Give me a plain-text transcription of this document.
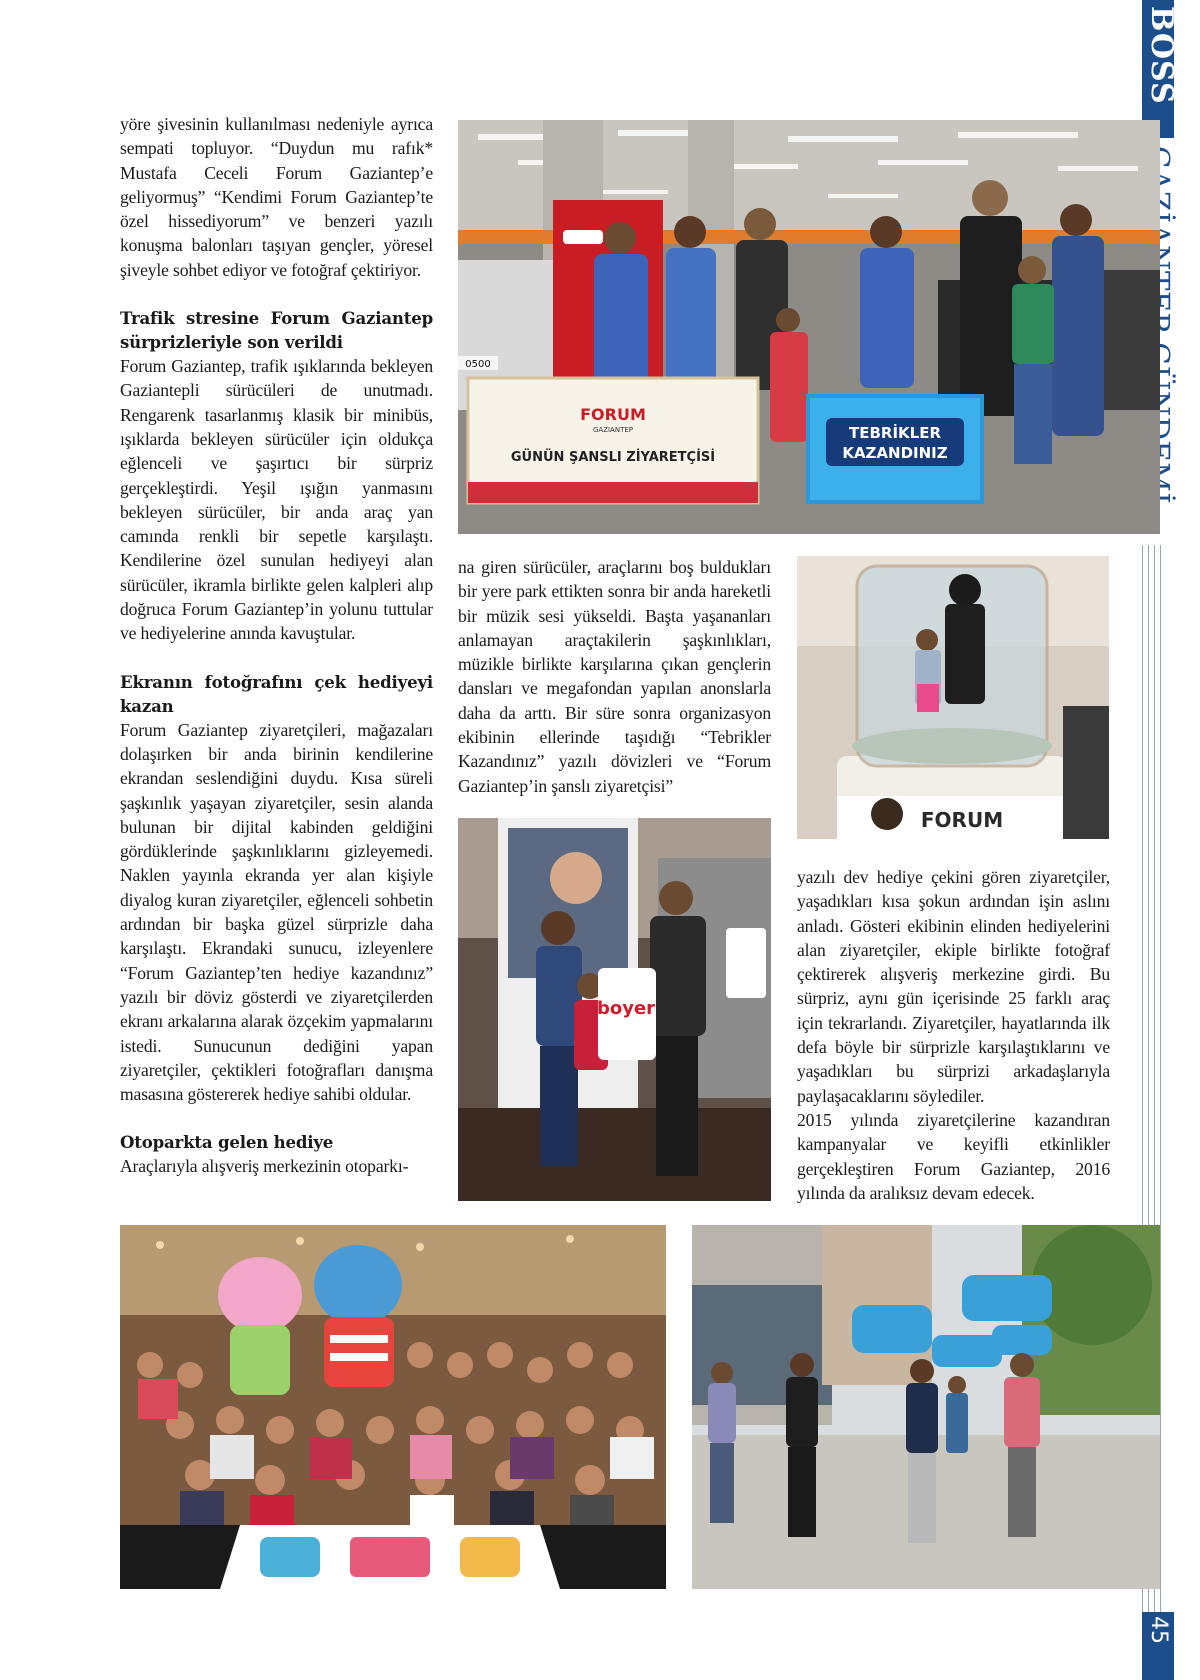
BOSS
45

yöre şivesinin kullanılması nedeniyle ayrıca sempati topluyor. “Duydun mu rafık* Mustafa Ceceli Forum Gaziantep’e geliyormuş” “Kendimi Forum Gaziantep’te özel hissediyorum” ve benzeri yazılı konuşma balonları taşıyan gençler, yöresel şiveyle sohbet ediyor ve fotoğraf çektiriyor.

Trafik stresine Forum Gaziantep sürprizleriyle son verildi

Forum Gaziantep, trafik ışıklarında bekleyen Gaziantepli sürücüleri de unutmadı. Rengarenk tasarlanmış klasik bir minibüs, ışıklarda bekleyen sürücüler için oldukça eğlenceli ve şaşırtıcı bir sürpriz gerçekleştirdi. Yeşil ışığın yanmasını bekleyen sürücüler, bir anda araç yan camında renkli bir sepetle karşılaştı. Kendilerine özel sunulan hediyeyi alan sürücüler, ikramla birlikte gelen kalpleri alıp doğruca Forum Gaziantep’in yolunu tuttular ve hediyelerine anında kavuştular.

Ekranın fotoğrafını çek hediyeyi kazan

Forum Gaziantep ziyaretçileri, mağazaları dolaşırken bir anda birinin kendilerine ekrandan seslendiğini duydu. Kısa süreli şaşkınlık yaşayan ziyaretçiler, sesin alanda bulunan bir dijital kabinden geldiğini gördüklerinde şaşkınlıklarını gizleyemedi. Naklen yayınla ekranda yer alan kişiyle diyalog kuran ziyaretçiler, eğlenceli sohbetin ardından bir başka güzel sürprizle daha karşılaştı. Ekrandaki sunucu, izleyenlere “Forum Gaziantep’ten hediye kazandınız” yazılı bir döviz gösterdi ve ziyaretçilerden ekranı arkalarına alarak özçekim yapmalarını istedi. Sunucunun dediğini yapan ziyaretçiler, çektikleri fotoğrafları danışma masasına göstererek hediye sahibi oldular.

Otoparkta gelen hediye

Araçlarıyla alışveriş merkezinin otoparkı-

na giren sürücüler, araçlarını boş buldukları bir yere park ettikten sonra bir anda hareketli bir müzik sesi yükseldi. Başta yaşananları anlamayan araçtakilerin şaşkınlıkları, müzikle birlikte karşılarına çıkan gençlerin dansları ve megafondan yapılan anonslarla daha da arttı. Bir süre sonra organizasyon ekibinin ellerinde taşıdığı “Tebrikler Kazandınız” yazılı dövizleri ve “Forum Gaziantep’in şanslı ziyaretçisi”

yazılı dev hediye çekini gören ziyaretçiler, yaşadıkları kısa şokun ardından işin aslını anladı. Gösteri ekibinin elinden hediyelerini alan ziyaretçiler, ekiple birlikte fotoğraf çektirerek alışveriş merkezine girdi. Bu sürpriz, aynı gün içerisinde 25 farklı araç için tekrarlandı. Ziyaretçiler, hayatlarında ilk defa böyle bir sürprizle karşılaştıklarını ve yaşadıkları bu sürprizi arkadaşlarıyla paylaşacaklarını söylediler.

2015 yılında ziyaretçilerine kazandıran kampanyalar ve keyifli etkinlikler gerçekleştiren Forum Gaziantep, 2016 yılında da aralıksız devam edecek.

FORUM
GAZIANTEP
GÜNÜN ŞANSLI ZİYARETÇİSİ
TEBRİKLER
KAZANDINIZ
0500
FORUM
boyer
